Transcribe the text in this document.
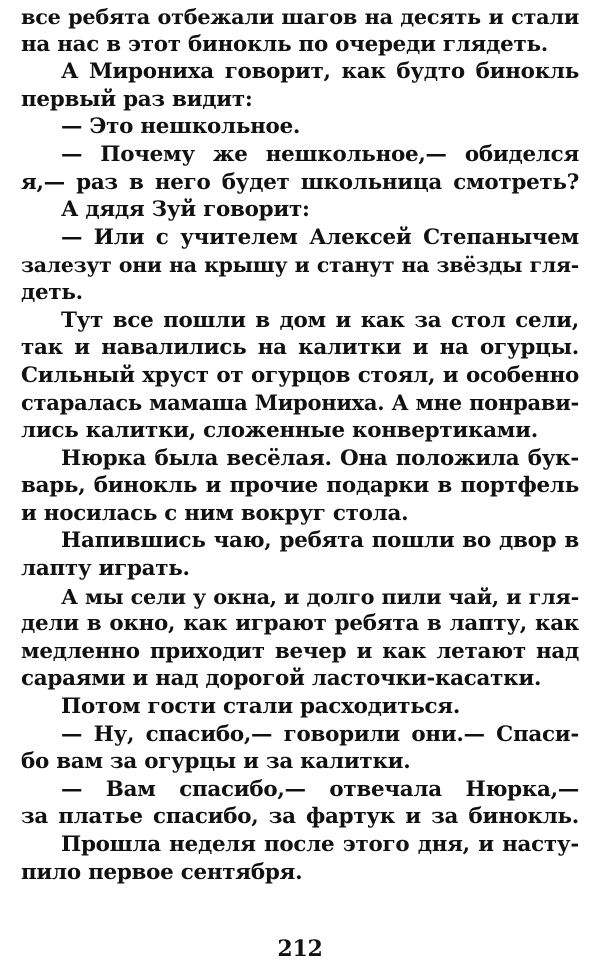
все ребята отбежали шагов на десять и стали
на нас в этот бинокль по очереди глядеть.
А Мирониха говорит, как будто бинокль
первый раз видит:
— Это нешкольное.
— Почему же нешкольное,— обиделся
я,— раз в него будет школьница смотреть?
А дядя Зуй говорит:
— Или с учителем Алексей Степанычем
залезут они на крышу и станут на звёзды гля-
деть.
Тут все пошли в дом и как за стол сели,
так и навалились на калитки и на огурцы.
Сильный хруст от огурцов стоял, и особенно
старалась мамаша Мирониха. А мне понрави-
лись калитки, сложенные конвертиками.
Нюрка была весёлая. Она положила бук-
варь, бинокль и прочие подарки в портфель
и носилась с ним вокруг стола.
Напившись чаю, ребята пошли во двор в
лапту играть.
А мы сели у окна, и долго пили чай, и гля-
дели в окно, как играют ребята в лапту, как
медленно приходит вечер и как летают над
сараями и над дорогой ласточки-касатки.
Потом гости стали расходиться.
— Ну, спасибо,— говорили они.— Спаси-
бо вам за огурцы и за калитки.
— Вам спасибо,— отвечала Нюрка,—
за платье спасибо, за фартук и за бинокль.
Прошла неделя после этого дня, и насту-
пило первое сентября.
212
